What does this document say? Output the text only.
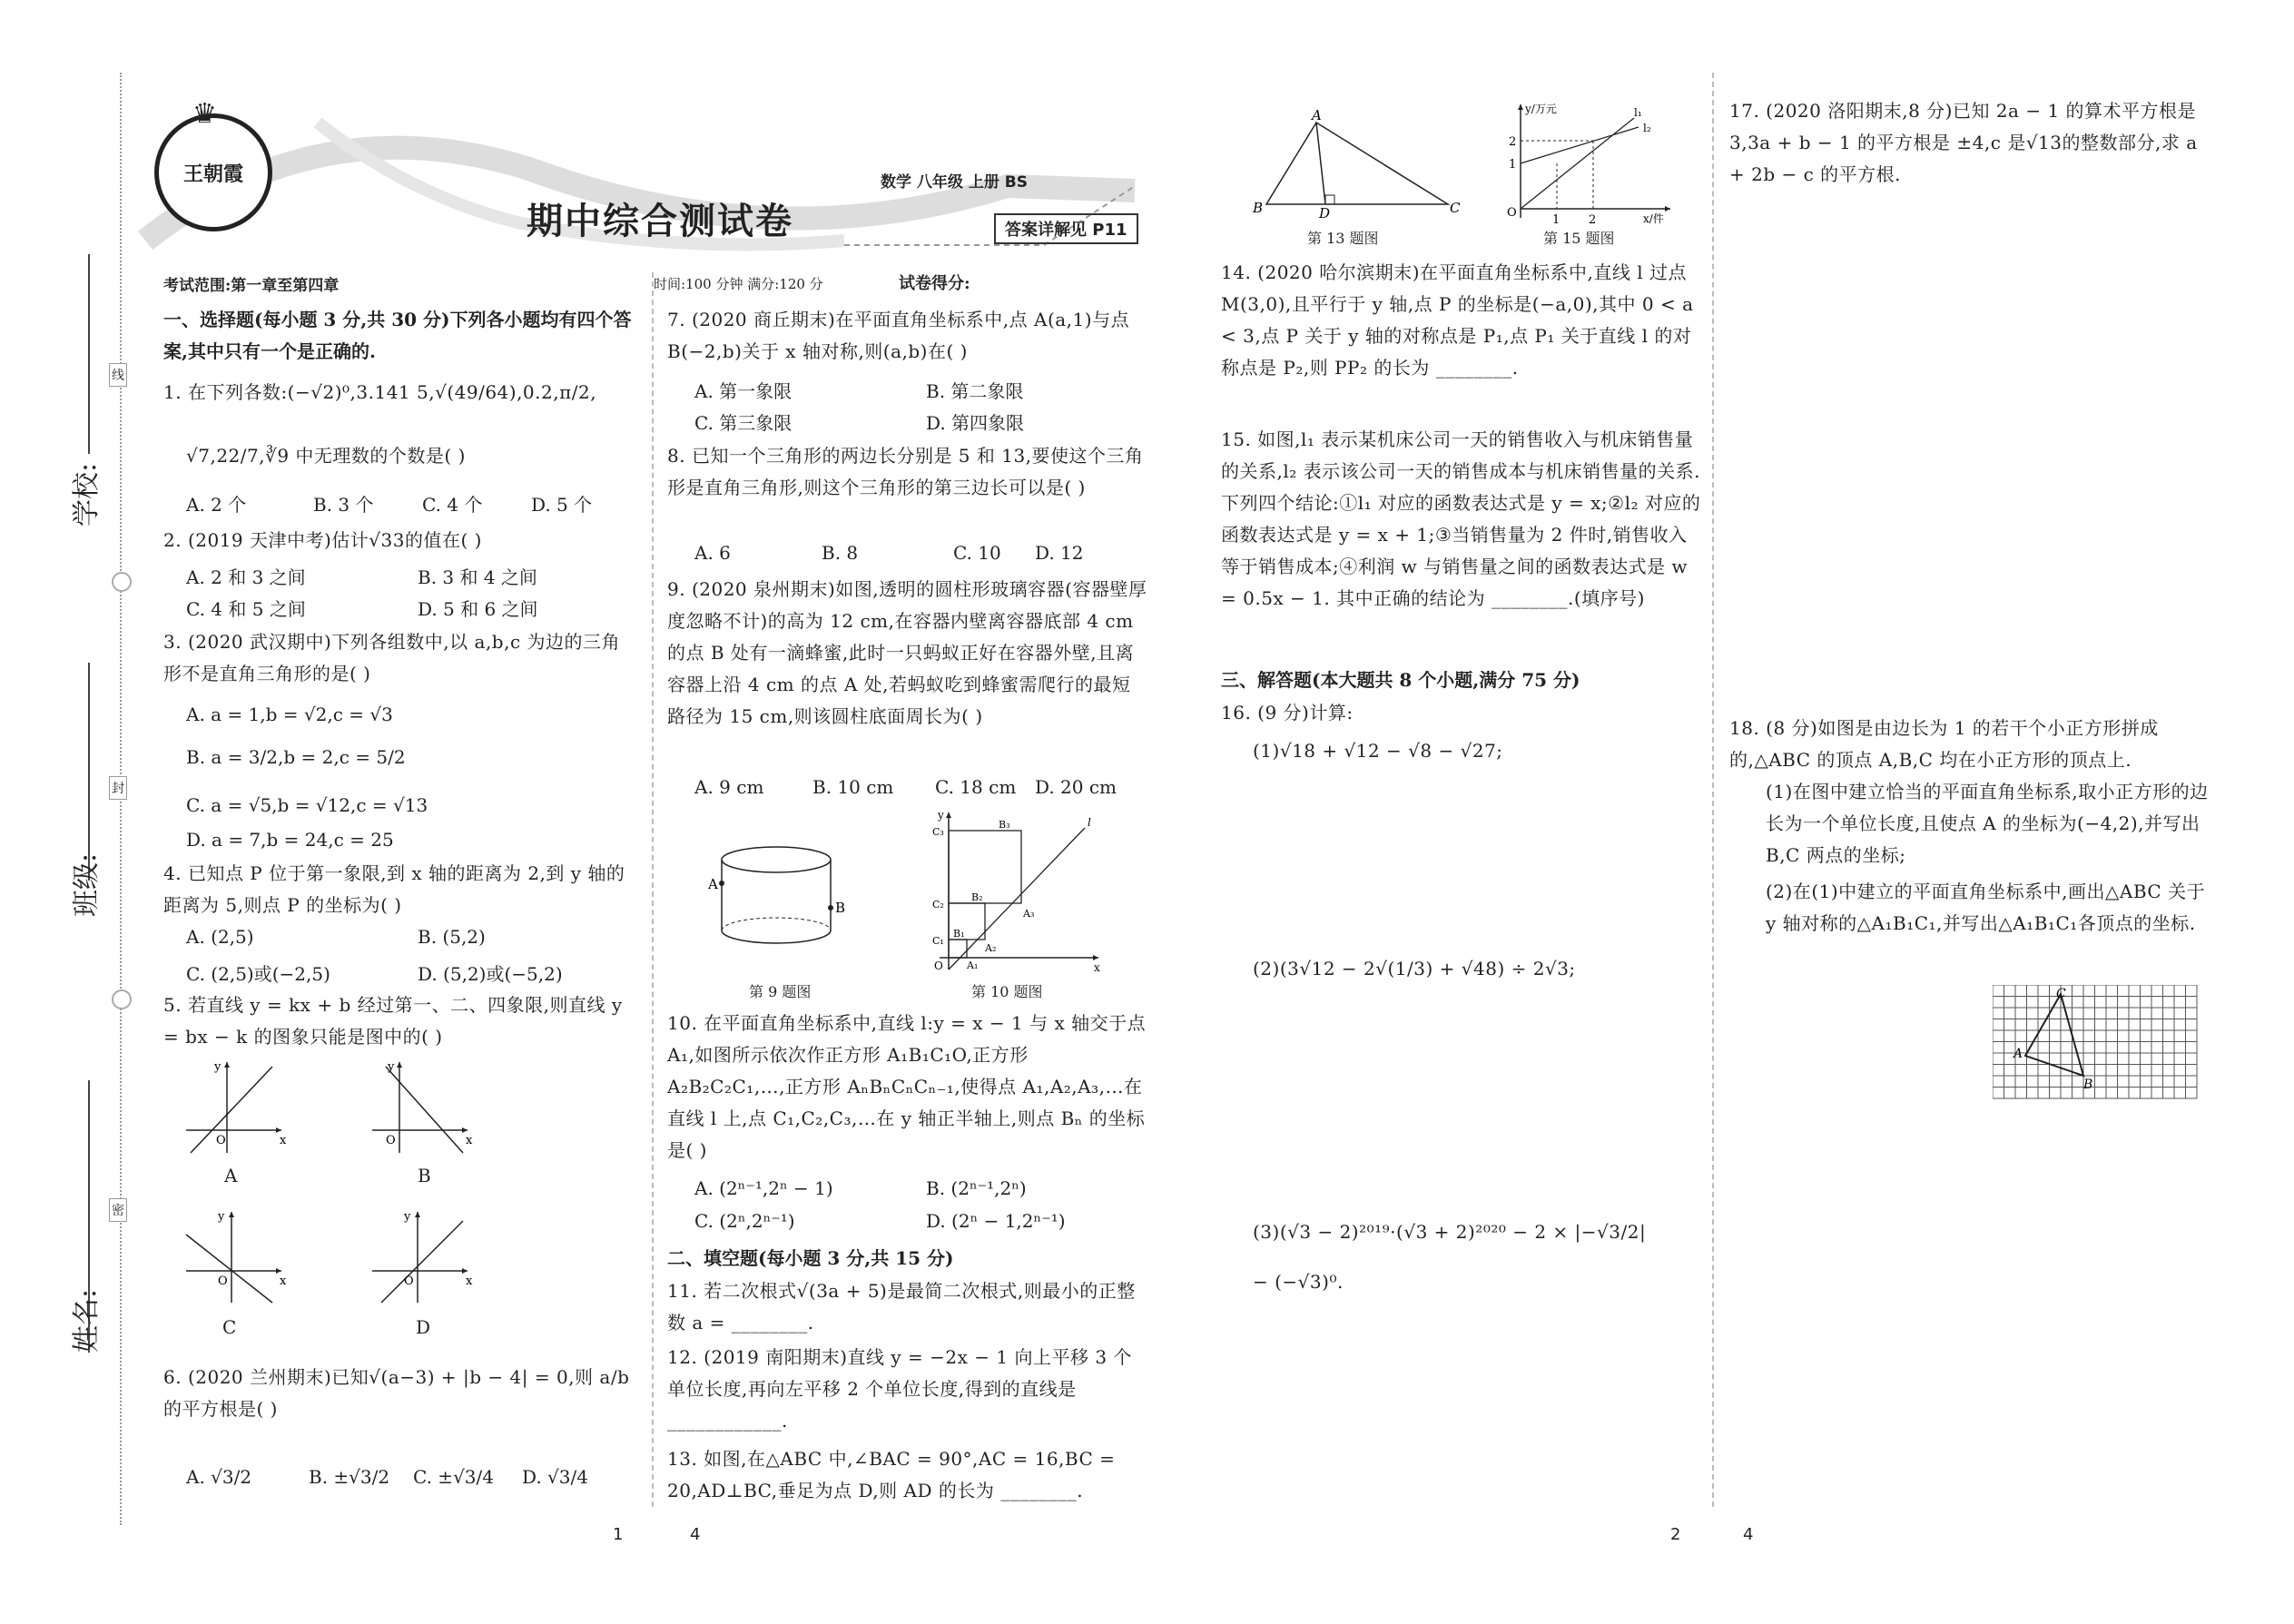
学校:
班级:
姓名:
线
封
密
王朝霞
♛
数学 八年级 上册 BS
期中综合测试卷	答案详解见 P11
考试范围:第一章至第四章	时间:100 分钟 满分:120 分	试卷得分:
一、选择题(每小题 3 分,共 30 分)下列各小题均有四个答案,其中只有一个是正确的.
1. 在下列各数:(−√2)⁰,3.141 5,√(49/64),0.2,π/2,
√7,22/7,∛9 中无理数的个数是( )
A. 2 个	B. 3 个	C. 4 个	D. 5 个
2. (2019 天津中考)估计√33的值在( )
A. 2 和 3 之间	B. 3 和 4 之间
C. 4 和 5 之间	D. 5 和 6 之间
3. (2020 武汉期中)下列各组数中,以 a,b,c 为边的三角形不是直角三角形的是( )
A. a = 1,b = √2,c = √3
B. a = 3/2,b = 2,c = 5/2
C. a = √5,b = √12,c = √13
D. a = 7,b = 24,c = 25
4. 已知点 P 位于第一象限,到 x 轴的距离为 2,到 y 轴的距离为 5,则点 P 的坐标为( )
A. (2,5)	B. (5,2)
C. (2,5)或(−2,5)	D. (5,2)或(−5,2)
5. 若直线 y = kx + b 经过第一、二、四象限,则直线 y = bx − k 的图象只能是图中的( )
O	x
y
A
O	x
y
B
O	x
y
C
O	x
y
D
6. (2020 兰州期末)已知√(a−3) + |b − 4| = 0,则 a/b 的平方根是( )
A. √3/2	B. ±√3/2 C. ±√3/4 D. √3/4
7. (2020 商丘期末)在平面直角坐标系中,点 A(a,1)与点 B(−2,b)关于 x 轴对称,则(a,b)在( )
A. 第一象限	B. 第二象限
C. 第三象限	D. 第四象限
8. 已知一个三角形的两边长分别是 5 和 13,要使这个三角形是直角三角形,则这个三角形的第三边长可以是( )
A. 6	B. 8	C. 10 D. 12
9. (2020 泉州期末)如图,透明的圆柱形玻璃容器(容器壁厚度忽略不计)的高为 12 cm,在容器内壁离容器底部 4 cm 的点 B 处有一滴蜂蜜,此时一只蚂蚁正好在容器外壁,且离容器上沿 4 cm 的点 A 处,若蚂蚁吃到蜂蜜需爬行的最短路径为 15 cm,则该圆柱底面周长为( )
A. 9 cm	B. 10 cm C. 18 cm D. 20 cm
A
B
第 9 题图
O	x
y
C₁
C₂
C₃
B₁
B₂
B₃
A₁
A₂
A₃
l
第 10 题图
10. 在平面直角坐标系中,直线 l:y = x − 1 与 x 轴交于点 A₁,如图所示依次作正方形 A₁B₁C₁O,正方形 A₂B₂C₂C₁,…,正方形 AₙBₙCₙCₙ₋₁,使得点 A₁,A₂,A₃,…在直线 l 上,点 C₁,C₂,C₃,…在 y 轴正半轴上,则点 Bₙ 的坐标是( )
A. (2ⁿ⁻¹,2ⁿ − 1)	B. (2ⁿ⁻¹,2ⁿ)
C. (2ⁿ,2ⁿ⁻¹)	D. (2ⁿ − 1,2ⁿ⁻¹)
二、填空题(每小题 3 分,共 15 分)
11. 若二次根式√(3a + 5)是最简二次根式,则最小的正整数 a = ________.
12. (2019 南阳期末)直线 y = −2x − 1 向上平移 3 个单位长度,再向左平移 2 个单位长度,得到的直线是 ____________.
13. 如图,在△ABC 中,∠BAC = 90°,AC = 16,BC = 20,AD⊥BC,垂足为点 D,则 AD 的长为 ________.
A
B	D	C
第 13 题图
O
1
2
1 2
y/万元
x/件
l₁
l₂
第 15 题图
14. (2020 哈尔滨期末)在平面直角坐标系中,直线 l 过点 M(3,0),且平行于 y 轴,点 P 的坐标是(−a,0),其中 0 < a < 3,点 P 关于 y 轴的对称点是 P₁,点 P₁ 关于直线 l 的对称点是 P₂,则 PP₂ 的长为 ________.
15. 如图,l₁ 表示某机床公司一天的销售收入与机床销售量的关系,l₂ 表示该公司一天的销售成本与机床销售量的关系. 下列四个结论:①l₁ 对应的函数表达式是 y = x;②l₂ 对应的函数表达式是 y = x + 1;③当销售量为 2 件时,销售收入等于销售成本;④利润 w 与销售量之间的函数表达式是 w = 0.5x − 1. 其中正确的结论为 ________.(填序号)
三、解答题(本大题共 8 个小题,满分 75 分)
16. (9 分)计算:
(1)√18 + √12 − √8 − √27;
(2)(3√12 − 2√(1/3) + √48) ÷ 2√3;
(3)(√3 − 2)²⁰¹⁹·(√3 + 2)²⁰²⁰ − 2 × |−√3/2|
− (−√3)⁰.
17. (2020 洛阳期末,8 分)已知 2a − 1 的算术平方根是 3,3a + b − 1 的平方根是 ±4,c 是√13的整数部分,求 a + 2b − c 的平方根.
18. (8 分)如图是由边长为 1 的若干个小正方形拼成的,△ABC 的顶点 A,B,C 均在小正方形的顶点上.
(1)在图中建立恰当的平面直角坐标系,取小正方形的边长为一个单位长度,且使点 A 的坐标为(−4,2),并写出 B,C 两点的坐标;
(2)在(1)中建立的平面直角坐标系中,画出△ABC 关于 y 轴对称的△A₁B₁C₁,并写出△A₁B₁C₁各顶点的坐标.
A
C
B
1	4	2	4
